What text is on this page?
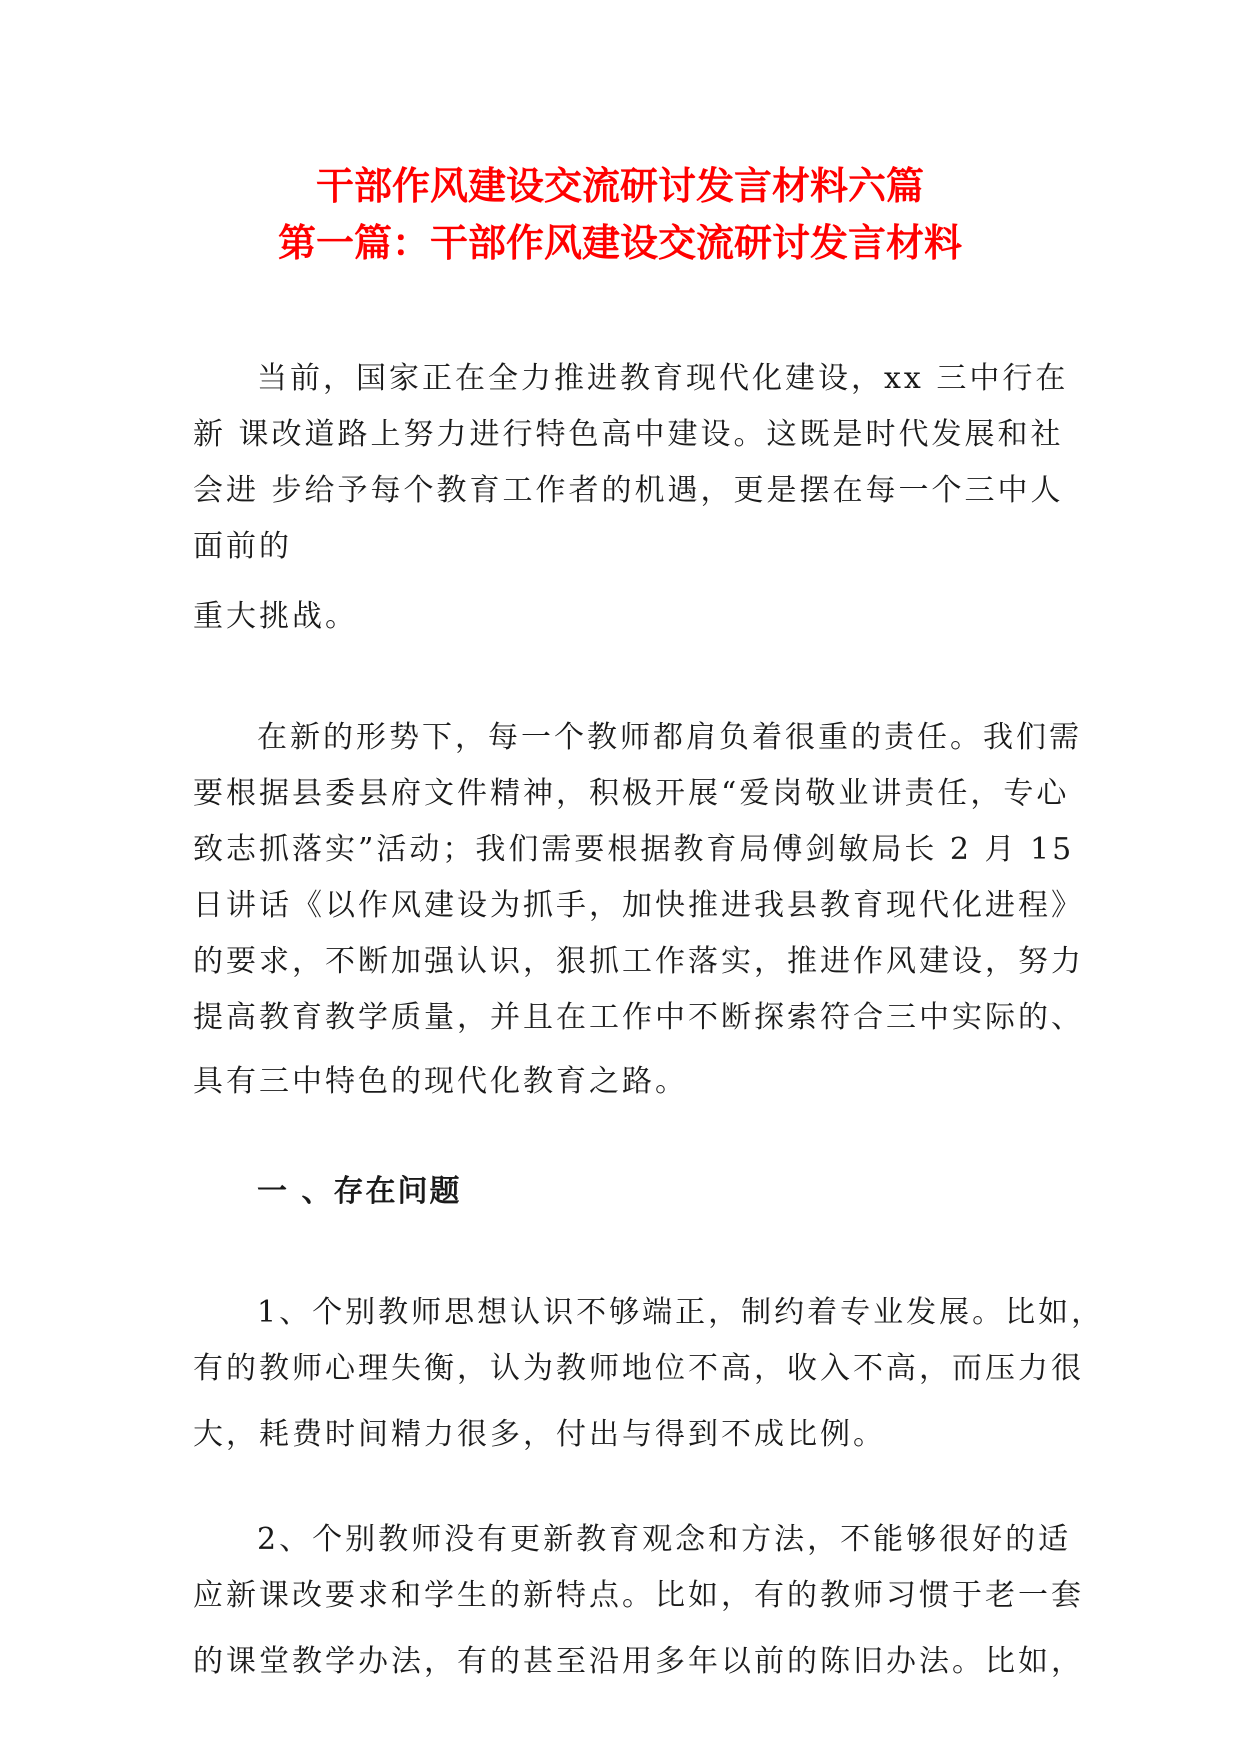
干部作风建设交流研讨发言材料六篇
第一篇：干部作风建设交流研讨发言材料

当前，国家正在全力推进教育现代化建设，xx 三中行在
新 课改道路上努力进行特色高中建设。这既是时代发展和社
会进 步给予每个教育工作者的机遇，更是摆在每一个三中人
面前的

重大挑战。

在新的形势下，每一个教师都肩负着很重的责任。我们需
要根据县委县府文件精神，积极开展“爱岗敬业讲责任，专心
致志抓落实”活动；我们需要根据教育局傅剑敏局长 2 月 15
日讲话《以作风建设为抓手，加快推进我县教育现代化进程》
的要求，不断加强认识，狠抓工作落实，推进作风建设，努力
提高教育教学质量，并且在工作中不断探索符合三中实际的、
具有三中特色的现代化教育之路。

一 、存在问题

1、个别教师思想认识不够端正，制约着专业发展。比如，
有的教师心理失衡，认为教师地位不高，收入不高，而压力很
大，耗费时间精力很多，付出与得到不成比例。

2、个别教师没有更新教育观念和方法，不能够很好的适
应新课改要求和学生的新特点。比如，有的教师习惯于老一套
的课堂教学办法，有的甚至沿用多年以前的陈旧办法。比如，
